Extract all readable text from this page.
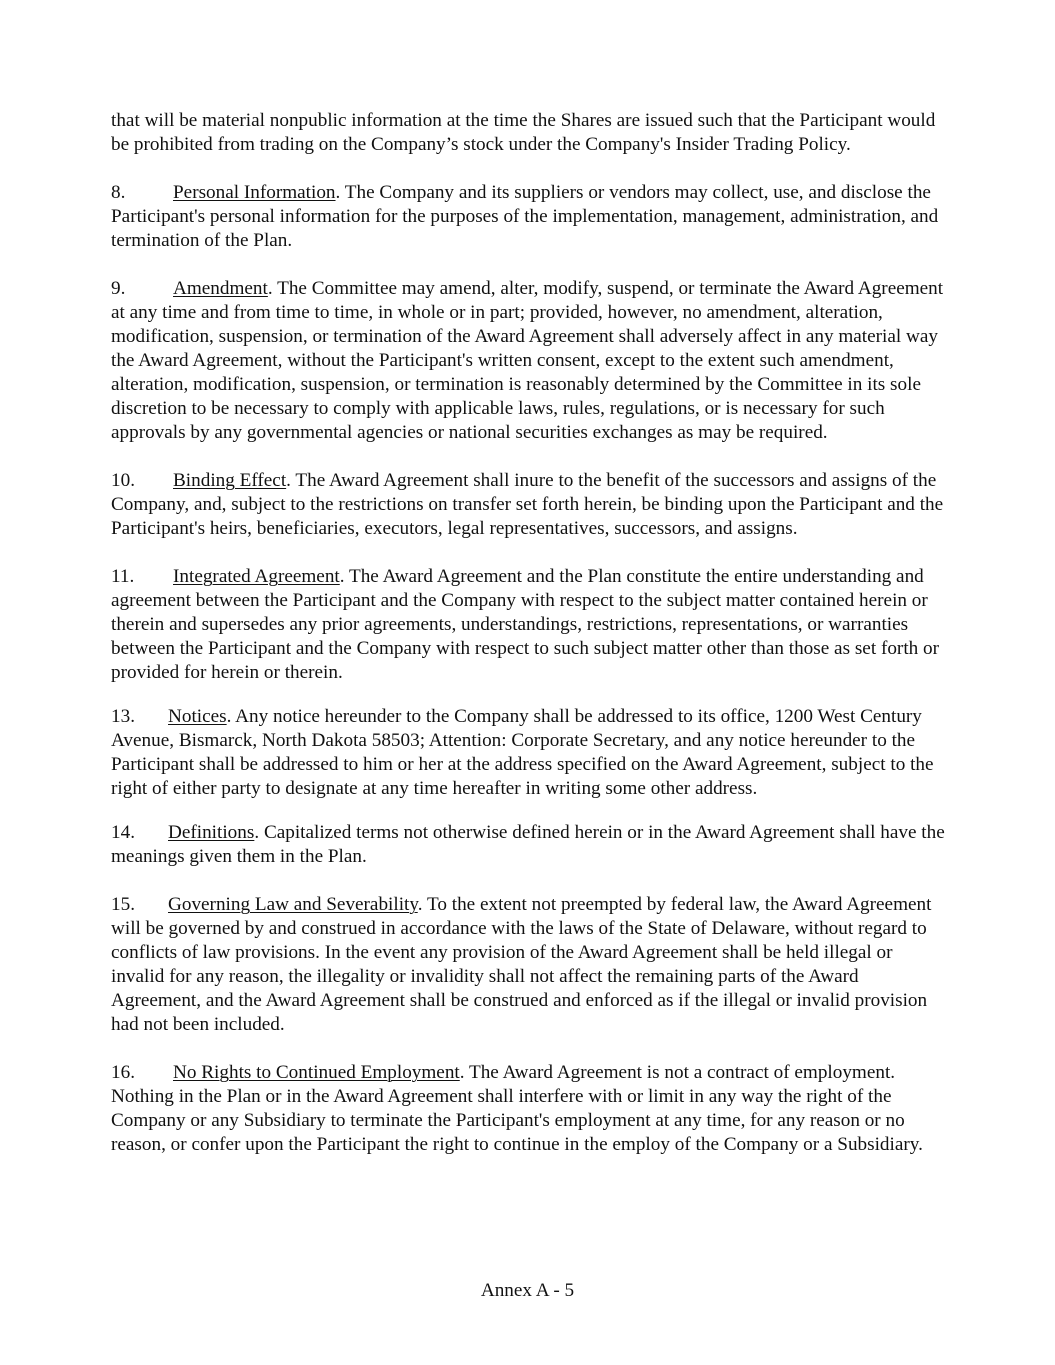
that will be material nonpublic information at the time the Shares are issued such that the Participant would be prohibited from trading on the Company’s stock under the Company's Insider Trading Policy.

8. Personal Information. The Company and its suppliers or vendors may collect, use, and disclose the Participant's personal information for the purposes of the implementation, management, administration, and termination of the Plan.

9. Amendment. The Committee may amend, alter, modify, suspend, or terminate the Award Agreement at any time and from time to time, in whole or in part; provided, however, no amendment, alteration, modification, suspension, or termination of the Award Agreement shall adversely affect in any material way the Award Agreement, without the Participant's written consent, except to the extent such amendment, alteration, modification, suspension, or termination is reasonably determined by the Committee in its sole discretion to be necessary to comply with applicable laws, rules, regulations, or is necessary for such approvals by any governmental agencies or national securities exchanges as may be required.

10. Binding Effect. The Award Agreement shall inure to the benefit of the successors and assigns of the Company, and, subject to the restrictions on transfer set forth herein, be binding upon the Participant and the Participant's heirs, beneficiaries, executors, legal representatives, successors, and assigns.

11. Integrated Agreement. The Award Agreement and the Plan constitute the entire understanding and agreement between the Participant and the Company with respect to the subject matter contained herein or therein and supersedes any prior agreements, understandings, restrictions, representations, or warranties between the Participant and the Company with respect to such subject matter other than those as set forth or provided for herein or therein.

13. Notices. Any notice hereunder to the Company shall be addressed to its office, 1200 West Century Avenue, Bismarck, North Dakota 58503; Attention: Corporate Secretary, and any notice hereunder to the Participant shall be addressed to him or her at the address specified on the Award Agreement, subject to the right of either party to designate at any time hereafter in writing some other address.

14. Definitions. Capitalized terms not otherwise defined herein or in the Award Agreement shall have the meanings given them in the Plan.

15. Governing Law and Severability. To the extent not preempted by federal law, the Award Agreement will be governed by and construed in accordance with the laws of the State of Delaware, without regard to conflicts of law provisions. In the event any provision of the Award Agreement shall be held illegal or invalid for any reason, the illegality or invalidity shall not affect the remaining parts of the Award Agreement, and the Award Agreement shall be construed and enforced as if the illegal or invalid provision had not been included.

16. No Rights to Continued Employment. The Award Agreement is not a contract of employment. Nothing in the Plan or in the Award Agreement shall interfere with or limit in any way the right of the Company or any Subsidiary to terminate the Participant's employment at any time, for any reason or no reason, or confer upon the Participant the right to continue in the employ of the Company or a Subsidiary.

Annex A - 5
